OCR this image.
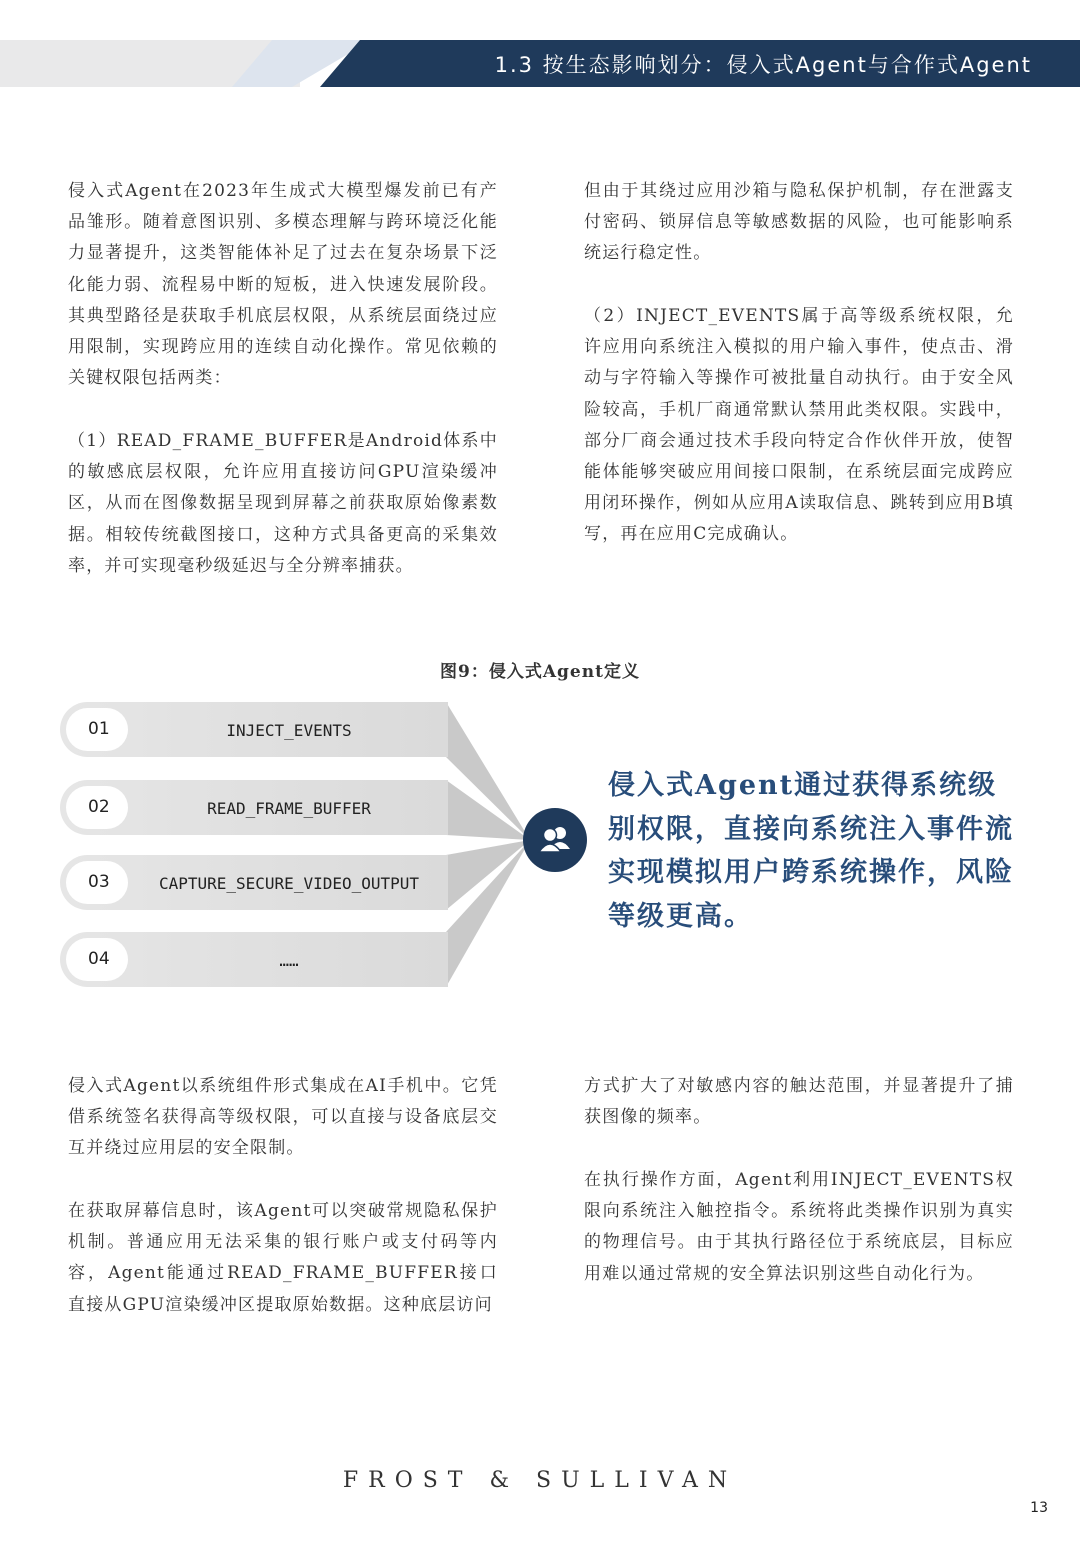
1.3 按生态影响划分：侵入式Agent与合作式Agent

侵入式Agent在2023年生成式大模型爆发前已有产品雏形。随着意图识别、多模态理解与跨环境泛化能力显著提升，这类智能体补足了过去在复杂场景下泛化能力弱、流程易中断的短板，进入快速发展阶段。其典型路径是获取手机底层权限，从系统层面绕过应用限制，实现跨应用的连续自动化操作。常见依赖的关键权限包括两类：

（1）READ_FRAME_BUFFER是Android体系中的敏感底层权限，允许应用直接访问GPU渲染缓冲区，从而在图像数据呈现到屏幕之前获取原始像素数据。相较传统截图接口，这种方式具备更高的采集效率，并可实现毫秒级延迟与全分辨率捕获。

但由于其绕过应用沙箱与隐私保护机制，存在泄露支付密码、锁屏信息等敏感数据的风险，也可能影响系统运行稳定性。

（2）INJECT_EVENTS属于高等级系统权限，允许应用向系统注入模拟的用户输入事件，使点击、滑动与字符输入等操作可被批量自动执行。由于安全风险较高，手机厂商通常默认禁用此类权限。实践中，部分厂商会通过技术手段向特定合作伙伴开放，使智能体能够突破应用间接口限制，在系统层面完成跨应用闭环操作，例如从应用A读取信息、跳转到应用B填写，再在应用C完成确认。

图9：侵入式Agent定义
01	INJECT_EVENTS
02	READ_FRAME_BUFFER
03	CAPTURE_SECURE_VIDEO_OUTPUT
04	……

侵入式Agent通过获得系统级别权限，直接向系统注入事件流实现模拟用户跨系统操作，风险等级更高。

侵入式Agent以系统组件形式集成在AI手机中。它凭借系统签名获得高等级权限，可以直接与设备底层交互并绕过应用层的安全限制。

在获取屏幕信息时，该Agent可以突破常规隐私保护机制。普通应用无法采集的银行账户或支付码等内容，Agent能通过READ_FRAME_BUFFER接口直接从GPU渲染缓冲区提取原始数据。这种底层访问

方式扩大了对敏感内容的触达范围，并显著提升了捕获图像的频率。

在执行操作方面，Agent利用INJECT_EVENTS权限向系统注入触控指令。系统将此类操作识别为真实的物理信号。由于其执行路径位于系统底层，目标应用难以通过常规的安全算法识别这些自动化行为。

FROST & SULLIVAN
13
